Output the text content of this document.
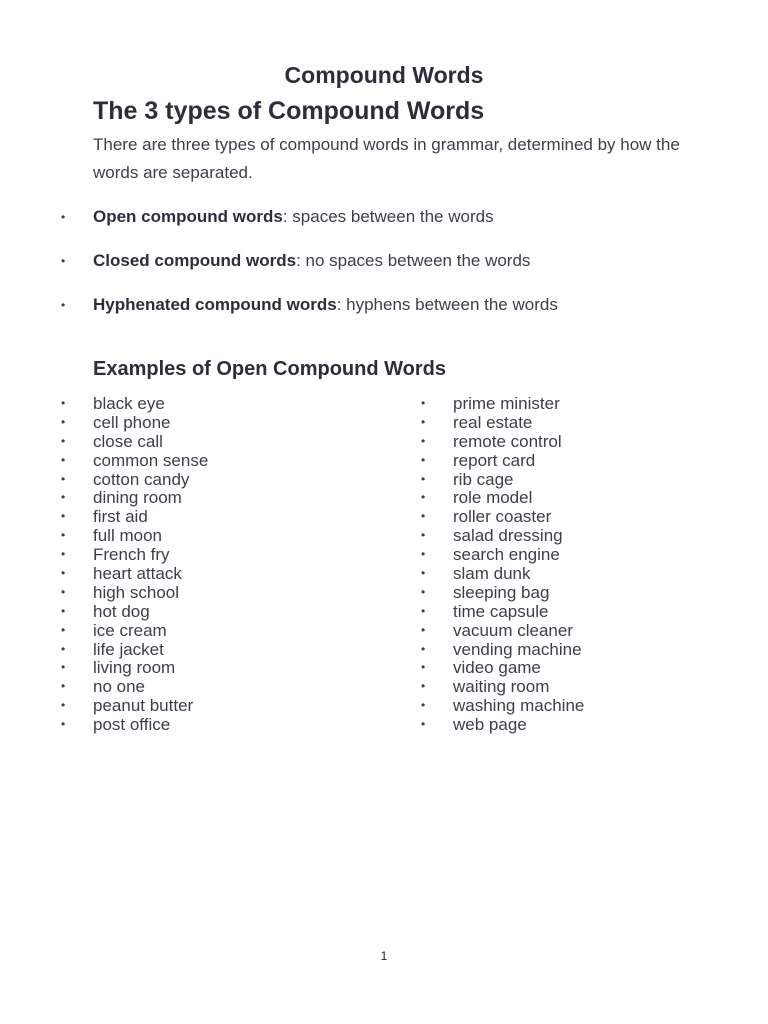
Compound Words
The 3 types of Compound Words
There are three types of compound words in grammar, determined by how the words are separated.
• Open compound words: spaces between the words
• Closed compound words: no spaces between the words
• Hyphenated compound words: hyphens between the words
Examples of Open Compound Words
• black eye
• cell phone
• close call
• common sense
• cotton candy
• dining room
• first aid
• full moon
• French fry
• heart attack
• high school
• hot dog
• ice cream
• life jacket
• living room
• no one
• peanut butter
• post office
• prime minister
• real estate
• remote control
• report card
• rib cage
• role model
• roller coaster
• salad dressing
• search engine
• slam dunk
• sleeping bag
• time capsule
• vacuum cleaner
• vending machine
• video game
• waiting room
• washing machine
• web page
1
